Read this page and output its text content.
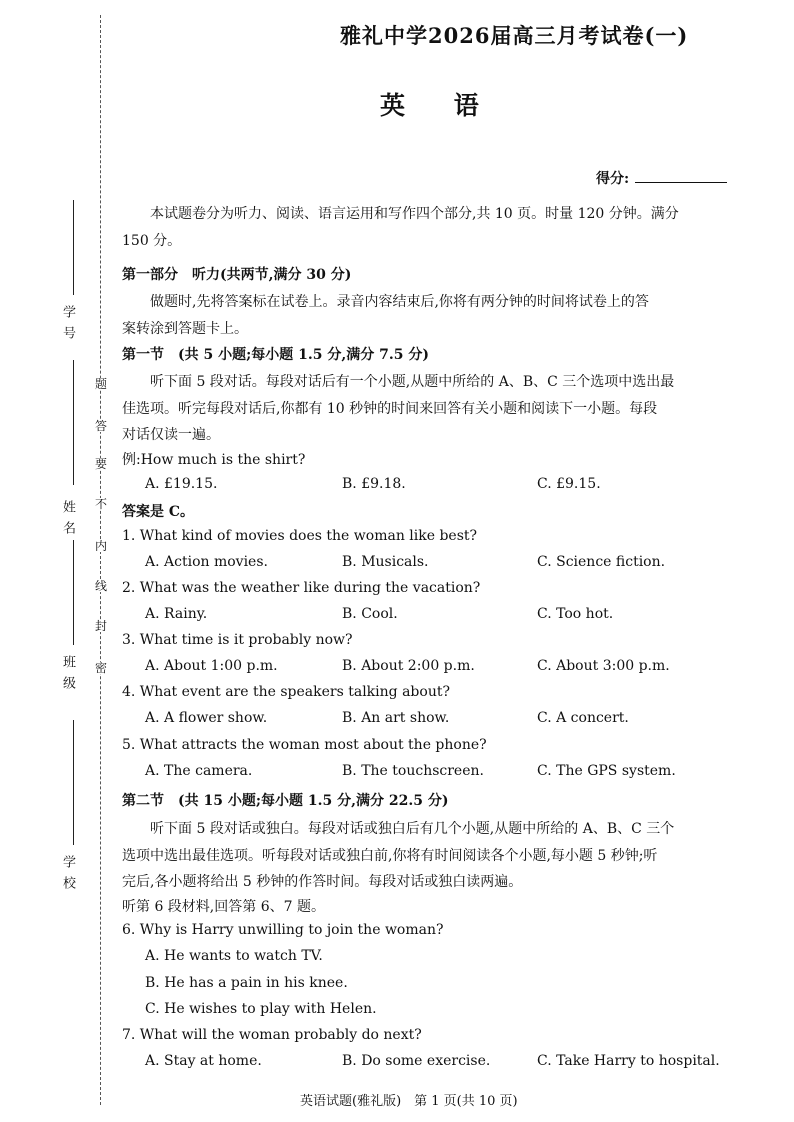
学 号
姓 名
班 级
学 校
题
答
要
不
内
线
封
密
雅礼中学2026届高三月考试卷(一)
英 语
得分:
本试题卷分为听力、阅读、语言运用和写作四个部分,共 10 页。时量 120 分钟。满分
150 分。
第一部分　听力(共两节,满分 30 分)
做题时,先将答案标在试卷上。录音内容结束后,你将有两分钟的时间将试卷上的答
案转涂到答题卡上。
第一节　(共 5 小题;每小题 1.5 分,满分 7.5 分)
听下面 5 段对话。每段对话后有一个小题,从题中所给的 A、B、C 三个选项中选出最
佳选项。听完每段对话后,你都有 10 秒钟的时间来回答有关小题和阅读下一小题。每段
对话仅读一遍。
例:How much is the shirt?
A. £19.15.	B. £9.18.	C. £9.15.
答案是 C。
1. What kind of movies does the woman like best?
A. Action movies.	B. Musicals.	C. Science fiction.
2. What was the weather like during the vacation?
A. Rainy.	B. Cool.	C. Too hot.
3. What time is it probably now?
A. About 1:00 p.m.	B. About 2:00 p.m.	C. About 3:00 p.m.
4. What event are the speakers talking about?
A. A flower show.	B. An art show.	C. A concert.
5. What attracts the woman most about the phone?
A. The camera.	B. The touchscreen.	C. The GPS system.
第二节　(共 15 小题;每小题 1.5 分,满分 22.5 分)
听下面 5 段对话或独白。每段对话或独白后有几个小题,从题中所给的 A、B、C 三个
选项中选出最佳选项。听每段对话或独白前,你将有时间阅读各个小题,每小题 5 秒钟;听
完后,各小题将给出 5 秒钟的作答时间。每段对话或独白读两遍。
听第 6 段材料,回答第 6、7 题。
6. Why is Harry unwilling to join the woman?
A. He wants to watch TV.
B. He has a pain in his knee.
C. He wishes to play with Helen.
7. What will the woman probably do next?
A. Stay at home.	B. Do some exercise.	C. Take Harry to hospital.
英语试题(雅礼版)　第 1 页(共 10 页)
